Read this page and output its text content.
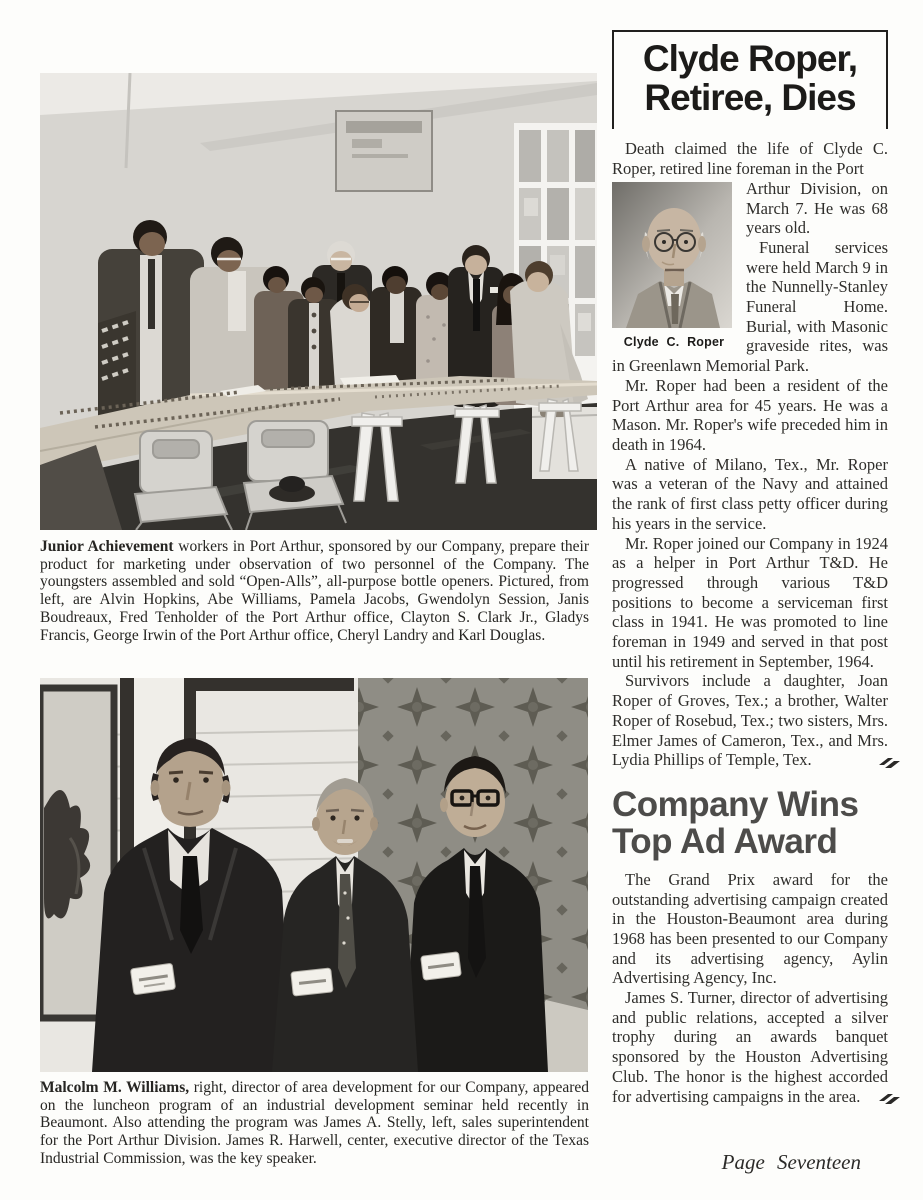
Junior Achievement workers in Port Arthur, sponsored by our Company, prepare their product for marketing under observation of two personnel of the Company. The youngsters assembled and sold “Open-Alls”, all-purpose bottle openers. Pictured, from left, are Alvin Hopkins, Abe Williams, Pamela Jacobs, Gwendolyn Session, Janis Boudreaux, Fred Tenholder of the Port Arthur office, Clayton S. Clark Jr., Gladys Francis, George Irwin of the Port Arthur office, Cheryl Landry and Karl Douglas.

Malcolm M. Williams, right, director of area development for our Company, appeared on the luncheon program of an industrial development seminar held recently in Beaumont. Also attending the program was James A. Stelly, left, sales superintendent for the Port Arthur Division. James R. Harwell, center, executive director of the Texas Industrial Commission, was the key speaker.

Clyde Roper,
Retiree, Dies

Death claimed the life of Clyde C. Roper, retired line foreman in the Port

Clyde C. Roper

Arthur Division, on March 7. He was 68 years old.

Funeral services were held March 9 in the Nunnelly-Stanley Funeral Home. Burial, with Masonic graveside rites, was in Greenlawn Memorial Park.

Mr. Roper had been a resident of the Port Arthur area for 45 years. He was a Mason. Mr. Roper's wife preceded him in death in 1964.

A native of Milano, Tex., Mr. Roper was a veteran of the Navy and attained the rank of first class petty officer during his years in the service.

Mr. Roper joined our Company in 1924 as a helper in Port Arthur T&D. He progressed through various T&D positions to become a serviceman first class in 1941. He was promoted to line foreman in 1949 and served in that post until his retirement in September, 1964.

Survivors include a daughter, Joan Roper of Groves, Tex.; a brother, Walter Roper of Rosebud, Tex.; two sisters, Mrs. Elmer James of Cameron, Tex., and Mrs. Lydia Phillips of Temple, Tex.

Company Wins
Top Ad Award

The Grand Prix award for the outstanding advertising campaign created in the Houston-Beaumont area during 1968 has been presented to our Company and its advertising agency, Aylin Advertising Agency, Inc.

James S. Turner, director of advertising and public relations, accepted a silver trophy during an awards banquet sponsored by the Houston Advertising Club. The honor is the highest accorded for advertising campaigns in the area.

Page Seventeen
